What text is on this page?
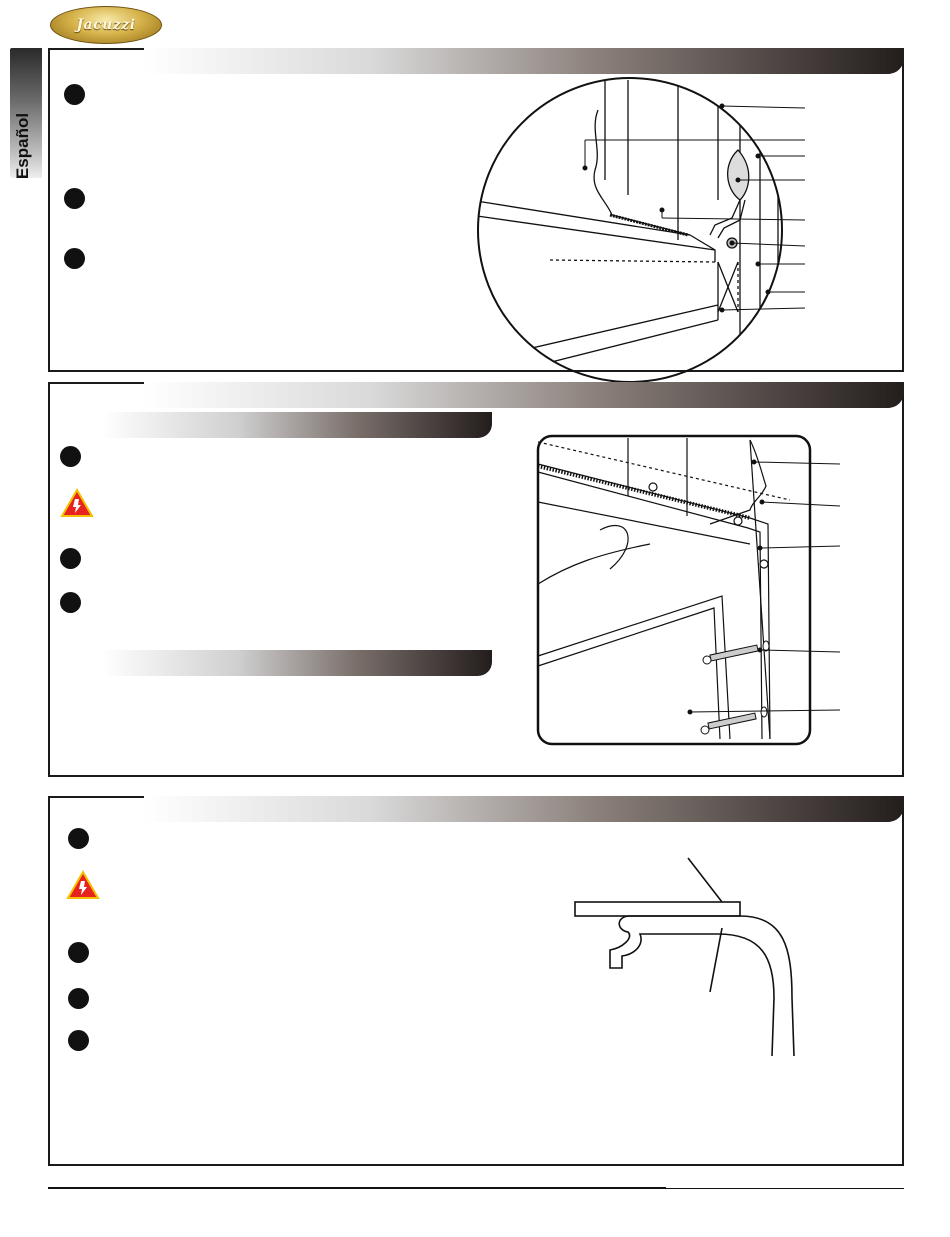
Jacuzzi
Español
